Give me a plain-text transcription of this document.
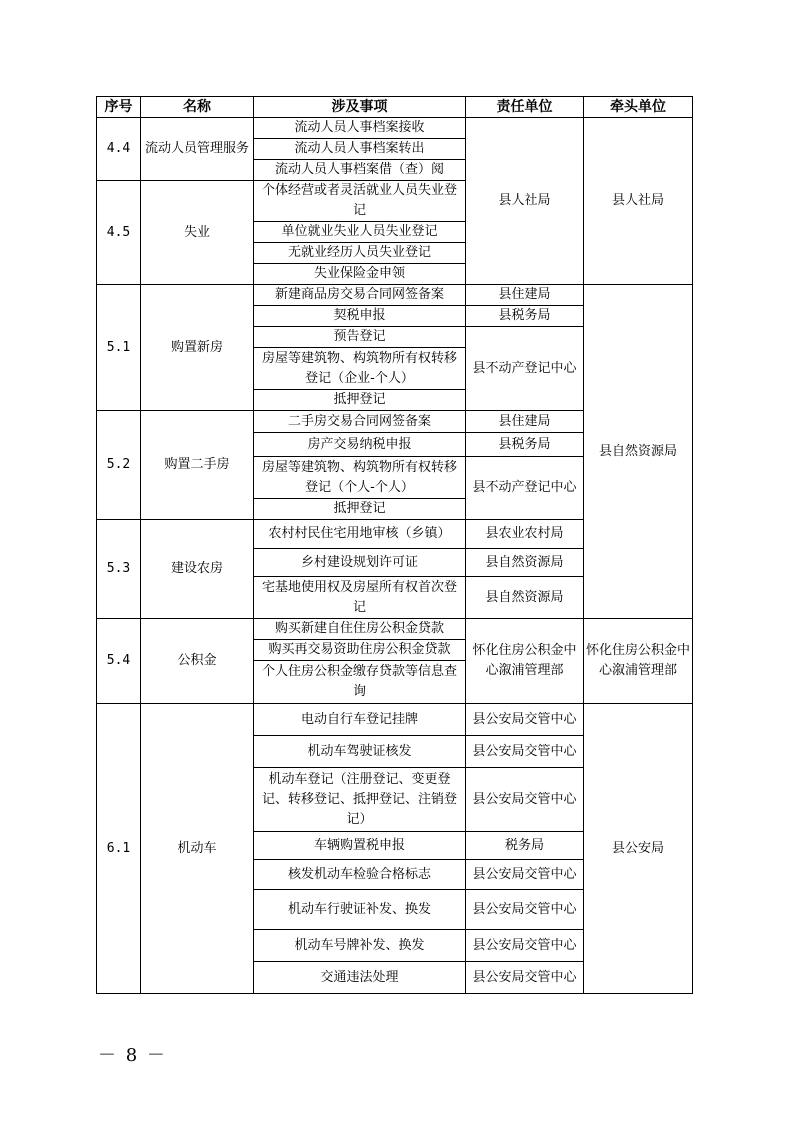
序号	名称	涉及事项	责任单位	牵头单位
4.4	流动人员管理服务	流动人员人事档案接收	县人社局	县人社局
		流动人员人事档案转出		
		流动人员人事档案借（查）阅		
4.5	失业	个体经营或者灵活就业人员失业登记		
		单位就业失业人员失业登记		
		无就业经历人员失业登记		
		失业保险金申领		
5.1	购置新房	新建商品房交易合同网签备案	县住建局	县自然资源局
		契税申报	县税务局	
		预告登记	县不动产登记中心	
		房屋等建筑物、构筑物所有权转移登记（企业-个人）		
		抵押登记		
5.2	购置二手房	二手房交易合同网签备案	县住建局	
		房产交易纳税申报	县税务局	
		房屋等建筑物、构筑物所有权转移登记（个人-个人）	县不动产登记中心	
		抵押登记		
5.3	建设农房	农村村民住宅用地审核（乡镇）	县农业农村局	
		乡村建设规划许可证	县自然资源局	
		宅基地使用权及房屋所有权首次登记	县自然资源局	
5.4	公积金	购买新建自住住房公积金贷款	怀化住房公积金中心溆浦管理部	怀化住房公积金中心溆浦管理部
		购买再交易资助住房公积金贷款		
		个人住房公积金缴存贷款等信息查询		
6.1	机动车	电动自行车登记挂牌	县公安局交管中心	县公安局
		机动车驾驶证核发	县公安局交管中心	
		机动车登记（注册登记、变更登记、转移登记、抵押登记、注销登记）	县公安局交管中心	
		车辆购置税申报	税务局	
		核发机动车检验合格标志	县公安局交管中心	
		机动车行驶证补发、换发	县公安局交管中心	
		机动车号牌补发、换发	县公安局交管中心	
		交通违法处理	县公安局交管中心	
－ 8 －
